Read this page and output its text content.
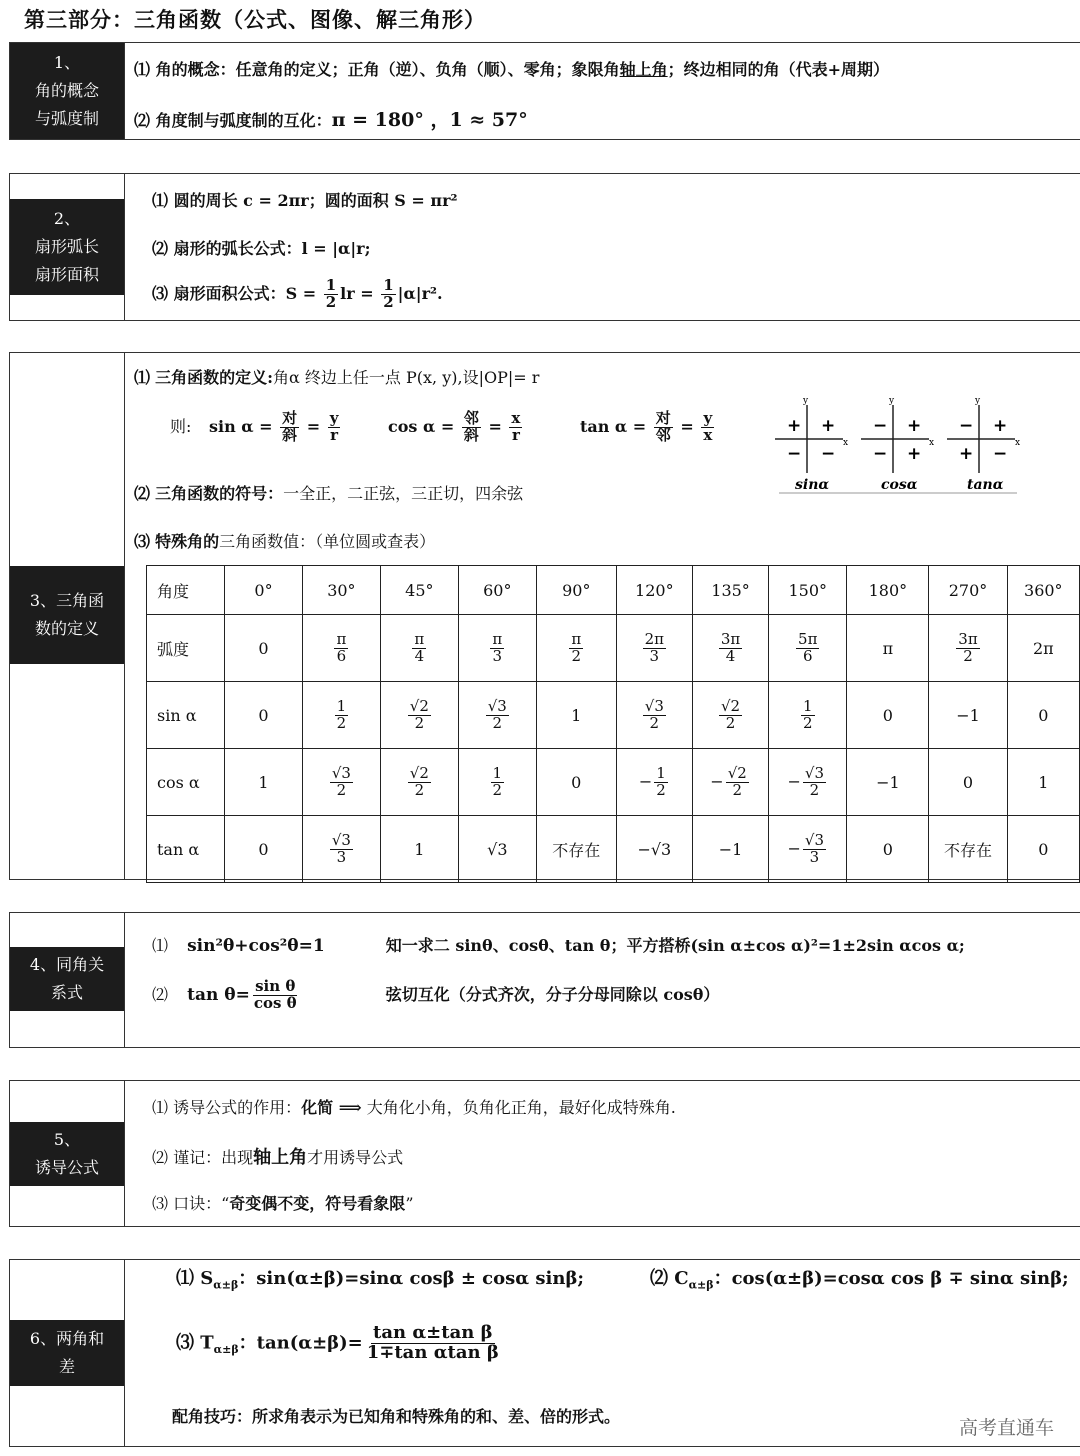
第三部分：三角函数（公式、图像、解三角形）
1、
角的概念
与弧度制
⑴ 角的概念：任意角的定义；正角（逆）、负角（顺）、零角；象限角轴上角；终边相同的角（代表+周期）
⑵ 角度制与弧度制的互化：π = 180° ，1 ≈ 57°
2、
扇形弧长
扇形面积
⑴ 圆的周长 c = 2πr；圆的面积 S = πr²
⑵ 扇形的弧长公式：l = |α|r;
⑶ 扇形面积公式：$S = \frac{1}{2}$ lr = $\frac{1}{2} |\alpha|r^2$.
3、三角函
数的定义
⑴ 三角函数的定义:角α 终边上任一点 P(x, y),设|OP|= r
则: $\sin \alpha = \frac{\text{对}}{\text{斜}} = \frac{y}{r}$	$\cos \alpha = \frac{\text{邻}}{\text{斜}} = \frac{x}{r}$	$\tan \alpha = \frac{\text{对}}{\text{邻}} = \frac{y}{x}$
⑵ 三角函数的符号：一全正，二正弦，三正切，四余弦
⑶ 特殊角的三角函数值：（单位圆或查表）
x
y
+
+
− −
sinα
x
y
+
−
− +
cosα
x
y
+
−
+ −
tanα
角度	0°	30°	45°	60°	90°	120°	135°	150°	180°	270°	360°
弧度	0	$\frac{\pi}{6}$	$\frac{\pi}{4}$	$\frac{\pi}{3}$	$\frac{\pi}{2}$	$\frac{2\pi}{3}$	$\frac{3\pi}{4}$	$\frac{5\pi}{6}$	π	$\frac{3\pi}{2}$	2π
sin α	0	$\frac{1}{2}$	$\frac{√2}{2}$	$\frac{√3}{2}$	1	$\frac{√3}{2}$	$\frac{√2}{2}$	$\frac{1}{2}$	0	−1	0
cos α	1	$\frac{√3}{2}$	$\frac{√2}{2}$	$\frac{1}{2}$	0	− $\frac{1}{2}$	− $\frac{√2}{2}$	− $\frac{√3}{2}$	−1	0	1
tan α	0	$\frac{√3}{3}$	1	√3	不存在	−√3	−1	− $\frac{√3}{3}$	0	不存在	0
4、同角关
系式
⑴ sin²θ+cos²θ=1	知一求二 sinθ、cosθ、tan θ；平方搭桥(sin α±cos α)²=1±2sin αcos α;
⑵ $\tan \theta= \frac{\text{sin θ}}{\text{cos θ}}$	弦切互化（分式齐次，分子分母同除以 cosθ）
5、
诱导公式
⑴ 诱导公式的作用：化简 ⟹ 大角化小角，负角化正角，最好化成特殊角.
⑵ 谨记：出现轴上角才用诱导公式
⑶ 口诀：“奇变偶不变，符号看象限”
6、两角和
差
⑴ $S_{\alpha\pm\beta}$：sin(α±β)=sinα cosβ ± cosα sinβ;	⑵ $C_{\alpha\pm\beta}$：cos(α±β)=cosα cos β ∓ sinα sinβ;
⑶ $T_{\alpha\pm\beta}$：$\tan(\alpha\pm\beta)= \frac{\text{tan α±tan β}}{\text{1∓tan αtan β}}$
配角技巧：所求角表示为已知角和特殊角的和、差、倍的形式。
高考直通车
